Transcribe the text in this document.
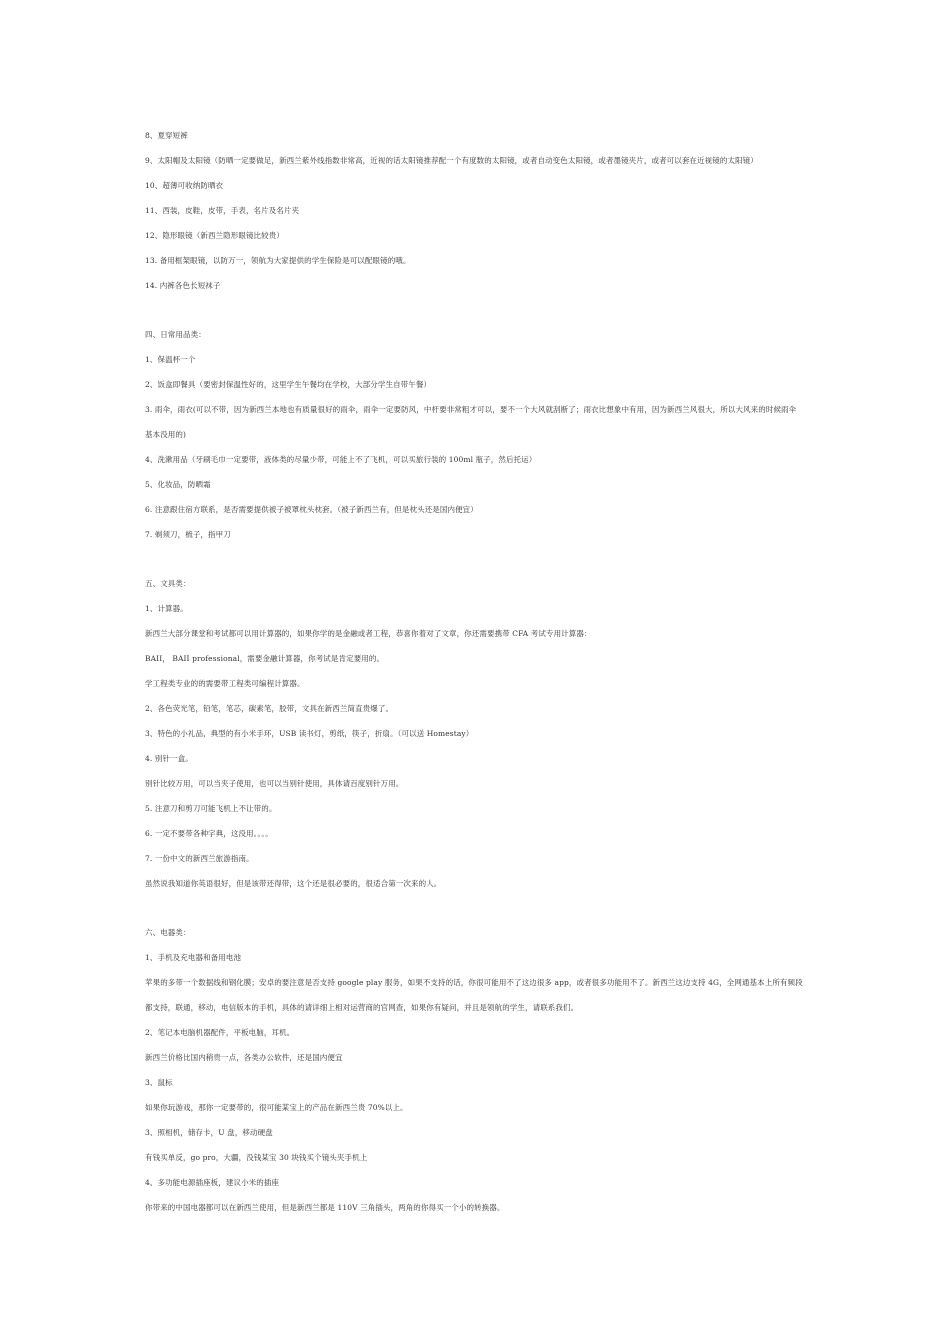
8、夏穿短裤
9、太阳帽及太阳镜（防晒一定要做足，新西兰紫外线指数非常高，近视的话太阳镜推荐配一个有度数的太阳镜，或者自动变色太阳镜，或者墨镜夹片，或者可以套在近视镜的太阳镜）
10、超薄可收纳防晒衣
11、西装，皮鞋，皮带，手表，名片及名片夹
12、隐形眼镜（新西兰隐形眼镜比较贵）
13. 备用框架眼镜，以防万一，领航为大家提供的学生保险是可以配眼镜的哦。
14. 内裤各色长短袜子
四、日常用品类：
1、保温杯一个
2、饭盒即餐具（要密封保温性好的，这里学生午餐均在学校，大部分学生自带午餐）
3. 雨伞，雨衣(可以不带，因为新西兰本地也有质量很好的雨伞，雨伞一定要防风，中杆要非常粗才可以，要不一个大风就刮断了；雨衣比想象中有用，因为新西兰风很大，所以大风来的时候雨伞
基本没用的)
4、洗漱用品（牙刷毛巾一定要带，液体类的尽量少带，可能上不了飞机，可以买旅行装的 100ml 瓶子，然后托运）
5、化妆品，防晒霜
6. 注意跟住宿方联系，是否需要提供被子被罩枕头枕套。（被子新西兰有，但是枕头还是国内便宜）
7. 剃须刀，梳子，指甲刀
五、文具类：
1、计算器。
新西兰大部分课堂和考试都可以用计算器的，如果你学的是金融或者工程，恭喜你着对了文章，你还需要携带 CFA 考试专用计算器：
BAII， BAII professional，需要金融计算器，你考试是肯定要用的。
学工程类专业的的需要带工程类可编程计算器。
2、各色荧光笔，铅笔，笔芯，碳素笔，胶带，文具在新西兰简直贵爆了。
3、特色的小礼品，典型的有小米手环，USB 读书灯，剪纸，筷子，折扇。（可以送 Homestay）
4. 别针一盒。
别针比较万用，可以当夹子使用，也可以当别针使用，具体请百度别针万用。
5. 注意刀和剪刀可能飞机上不让带的。
6. 一定不要带各种字典，这没用。。。。
7. 一份中文的新西兰旅游指南。
虽然说我知道你英语很好，但是该带还得带，这个还是很必要的，很适合第一次来的人。
六、电器类：
1、手机及充电器和备用电池
苹果的多带一个数据线和钢化膜；安卓的要注意是否支持 google play 服务，如果不支持的话，你很可能用不了这边很多 app，或者很多功能用不了。新西兰这边支持 4G，全网通基本上所有频段
都支持，联通，移动，电信版本的手机，具体的请详细上相对运营商的官网查，如果你有疑问，并且是领航的学生，请联系我们。
2、笔记本电脑机器配件，平板电脑，耳机。
新西兰价格比国内稍贵一点，各类办公软件，还是国内便宜
3、鼠标
如果你玩游戏，那你一定要带的，很可能某宝上的产品在新西兰贵 70%以上。
3、照相机，储存卡，U 盘，移动硬盘
有钱买单反，go pro，大疆，没钱某宝 30 块钱买个镜头夹手机上
4、多功能电源插座板，建议小米的插座
你带来的中国电器都可以在新西兰使用，但是新西兰都是 110V 三角插头，两角的你得买一个小的转换器。
